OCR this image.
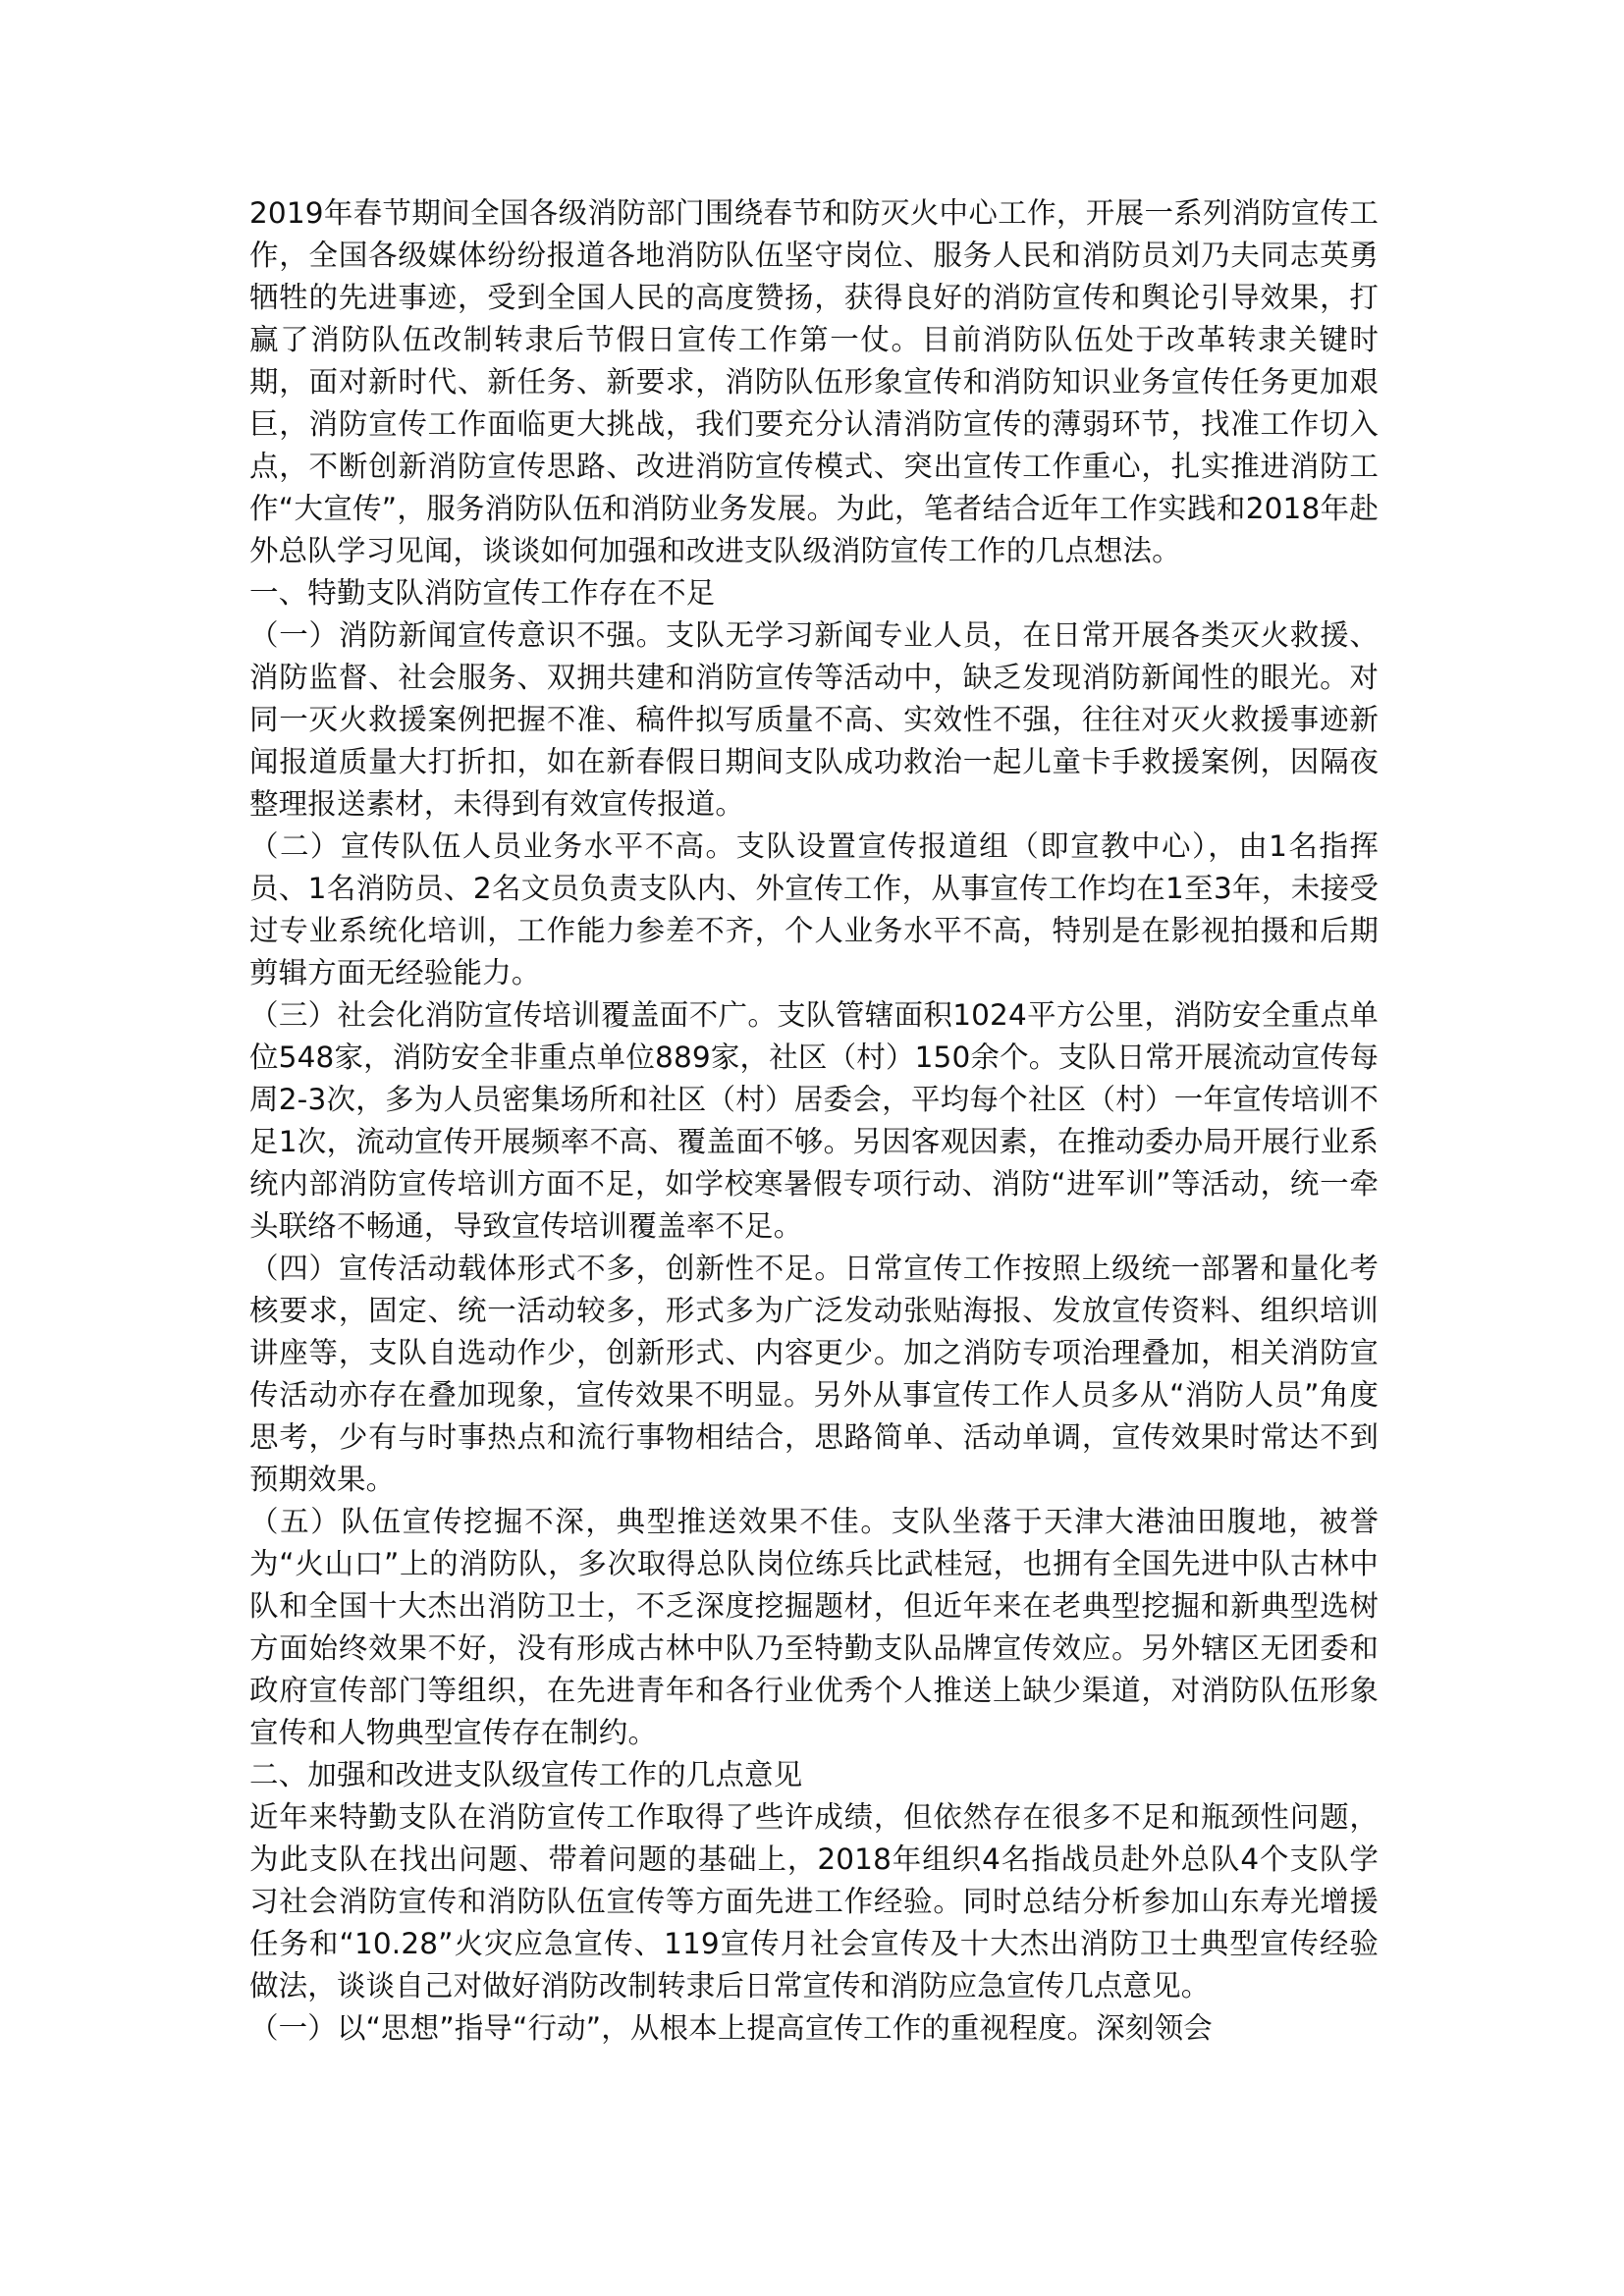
2019年春节期间全国各级消防部门围绕春节和防灭火中心工作，开展一系列消防宣传工作，全国各级媒体纷纷报道各地消防队伍坚守岗位、服务人民和消防员刘乃夫同志英勇牺牲的先进事迹，受到全国人民的高度赞扬，获得良好的消防宣传和舆论引导效果，打赢了消防队伍改制转隶后节假日宣传工作第一仗。目前消防队伍处于改革转隶关键时期，面对新时代、新任务、新要求，消防队伍形象宣传和消防知识业务宣传任务更加艰巨，消防宣传工作面临更大挑战，我们要充分认清消防宣传的薄弱环节，找准工作切入点，不断创新消防宣传思路、改进消防宣传模式、突出宣传工作重心，扎实推进消防工作“大宣传”，服务消防队伍和消防业务发展。为此，笔者结合近年工作实践和2018年赴外总队学习见闻，谈谈如何加强和改进支队级消防宣传工作的几点想法。

一、特勤支队消防宣传工作存在不足

（一）消防新闻宣传意识不强。支队无学习新闻专业人员，在日常开展各类灭火救援、消防监督、社会服务、双拥共建和消防宣传等活动中，缺乏发现消防新闻性的眼光。对同一灭火救援案例把握不准、稿件拟写质量不高、实效性不强，往往对灭火救援事迹新闻报道质量大打折扣，如在新春假日期间支队成功救治一起儿童卡手救援案例，因隔夜整理报送素材，未得到有效宣传报道。

（二）宣传队伍人员业务水平不高。支队设置宣传报道组（即宣教中心），由1名指挥员、1名消防员、2名文员负责支队内、外宣传工作，从事宣传工作均在1至3年，未接受过专业系统化培训，工作能力参差不齐，个人业务水平不高，特别是在影视拍摄和后期剪辑方面无经验能力。

（三）社会化消防宣传培训覆盖面不广。支队管辖面积1024平方公里，消防安全重点单位548家，消防安全非重点单位889家，社区（村）150余个。支队日常开展流动宣传每周2-3次，多为人员密集场所和社区（村）居委会，平均每个社区（村）一年宣传培训不足1次，流动宣传开展频率不高、覆盖面不够。另因客观因素，在推动委办局开展行业系统内部消防宣传培训方面不足，如学校寒暑假专项行动、消防“进军训”等活动，统一牵头联络不畅通，导致宣传培训覆盖率不足。

（四）宣传活动载体形式不多，创新性不足。日常宣传工作按照上级统一部署和量化考核要求，固定、统一活动较多，形式多为广泛发动张贴海报、发放宣传资料、组织培训讲座等，支队自选动作少，创新形式、内容更少。加之消防专项治理叠加，相关消防宣传活动亦存在叠加现象，宣传效果不明显。另外从事宣传工作人员多从“消防人员”角度思考，少有与时事热点和流行事物相结合，思路简单、活动单调，宣传效果时常达不到预期效果。

（五）队伍宣传挖掘不深，典型推送效果不佳。支队坐落于天津大港油田腹地，被誉为“火山口”上的消防队，多次取得总队岗位练兵比武桂冠，也拥有全国先进中队古林中队和全国十大杰出消防卫士，不乏深度挖掘题材，但近年来在老典型挖掘和新典型选树方面始终效果不好，没有形成古林中队乃至特勤支队品牌宣传效应。另外辖区无团委和政府宣传部门等组织，在先进青年和各行业优秀个人推送上缺少渠道，对消防队伍形象宣传和人物典型宣传存在制约。

二、加强和改进支队级宣传工作的几点意见

近年来特勤支队在消防宣传工作取得了些许成绩，但依然存在很多不足和瓶颈性问题，为此支队在找出问题、带着问题的基础上，2018年组织4名指战员赴外总队4个支队学习社会消防宣传和消防队伍宣传等方面先进工作经验。同时总结分析参加山东寿光增援任务和“10.28”火灾应急宣传、119宣传月社会宣传及十大杰出消防卫士典型宣传经验做法，谈谈自己对做好消防改制转隶后日常宣传和消防应急宣传几点意见。

（一）以“思想”指导“行动”，从根本上提高宣传工作的重视程度。深刻领会
